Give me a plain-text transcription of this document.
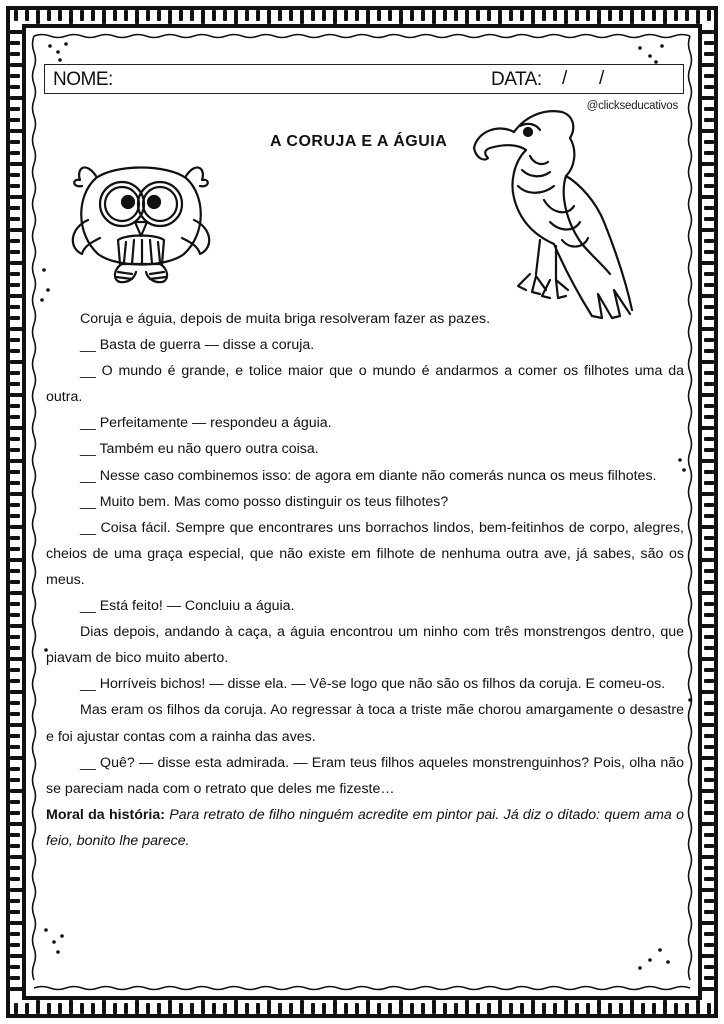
NOME:	DATA: / /
@clickseducativos
A CORUJA E A ÁGUIA

Coruja e águia, depois de muita briga resolveram fazer as pazes.

__ Basta de guerra — disse a coruja.

__ O mundo é grande, e tolice maior que o mundo é andarmos a comer os filhotes uma da outra.

__ Perfeitamente — respondeu a águia.

__ Também eu não quero outra coisa.

__ Nesse caso combinemos isso: de agora em diante não comerás nunca os meus filhotes.

__ Muito bem. Mas como posso distinguir os teus filhotes?

__ Coisa fácil. Sempre que encontrares uns borrachos lindos, bem-feitinhos de corpo, alegres, cheios de uma graça especial, que não existe em filhote de nenhuma outra ave, já sabes, são os meus.

__ Está feito! — Concluiu a águia.

Dias depois, andando à caça, a águia encontrou um ninho com três monstrengos dentro, que piavam de bico muito aberto.

__ Horríveis bichos! — disse ela. — Vê-se logo que não são os filhos da coruja. E comeu-os.

Mas eram os filhos da coruja. Ao regressar à toca a triste mãe chorou amargamente o desastre e foi ajustar contas com a rainha das aves.

__ Quê? — disse esta admirada. — Eram teus filhos aqueles monstrenguinhos? Pois, olha não se pareciam nada com o retrato que deles me fizeste…

Moral da história: Para retrato de filho ninguém acredite em pintor pai. Já diz o ditado: quem ama o feio, bonito lhe parece.
